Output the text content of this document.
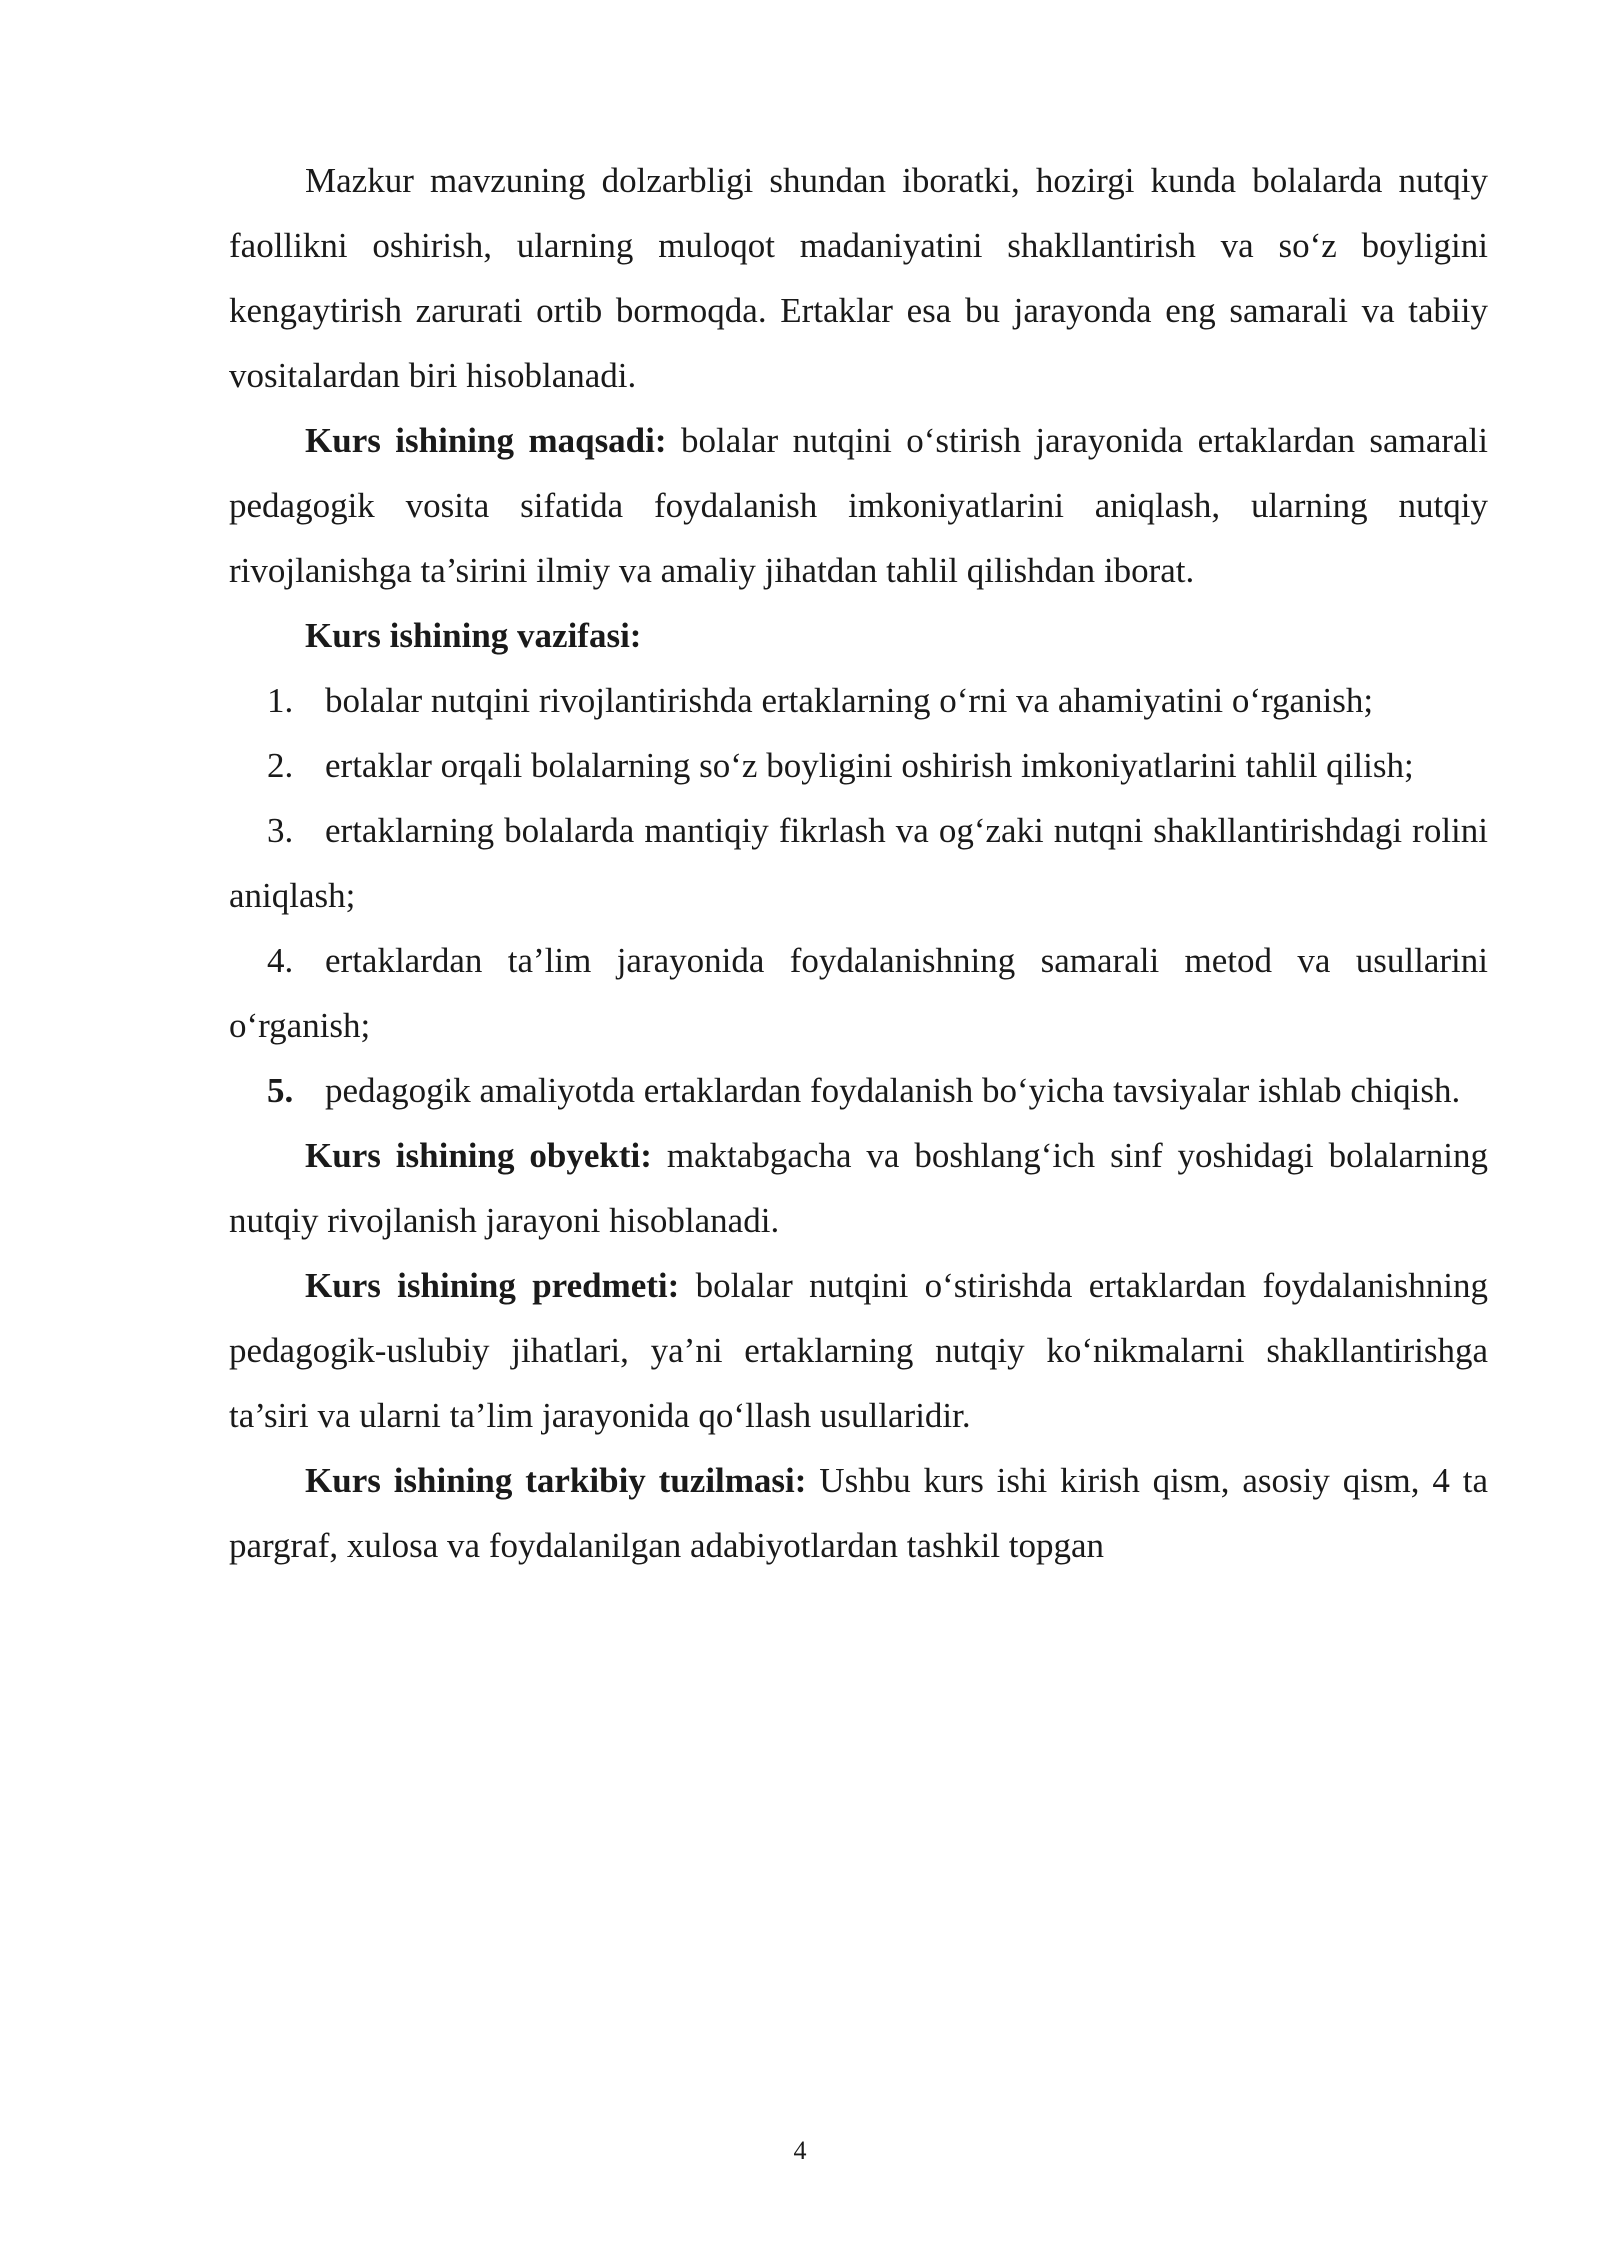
Mazkur mavzuning dolzarbligi shundan iboratki, hozirgi kunda bolalarda nutqiy faollikni oshirish, ularning muloqot madaniyatini shakllantirish va so‘z boyligini kengaytirish zarurati ortib bormoqda. Ertaklar esa bu jarayonda eng samarali va tabiiy vositalardan biri hisoblanadi.

Kurs ishining maqsadi: bolalar nutqini o‘stirish jarayonida ertaklardan samarali pedagogik vosita sifatida foydalanish imkoniyatlarini aniqlash, ularning nutqiy rivojlanishga ta’sirini ilmiy va amaliy jihatdan tahlil qilishdan iborat.

Kurs ishining vazifasi:

1. bolalar nutqini rivojlantirishda ertaklarning o‘rni va ahamiyatini o‘rganish;

2. ertaklar orqali bolalarning so‘z boyligini oshirish imkoniyatlarini tahlil qilish;

3. ertaklarning bolalarda mantiqiy fikrlash va og‘zaki nutqni shakllantirishdagi rolini aniqlash;

4. ertaklardan ta’lim jarayonida foydalanishning samarali metod va usullarini o‘rganish;

5. pedagogik amaliyotda ertaklardan foydalanish bo‘yicha tavsiyalar ishlab chiqish.

Kurs ishining obyekti: maktabgacha va boshlang‘ich sinf yoshidagi bolalarning nutqiy rivojlanish jarayoni hisoblanadi.

Kurs ishining predmeti: bolalar nutqini o‘stirishda ertaklardan foydalanishning pedagogik-uslubiy jihatlari, ya’ni ertaklarning nutqiy ko‘nikmalarni shakllantirishga ta’siri va ularni ta’lim jarayonida qo‘llash usullaridir.

Kurs ishining tarkibiy tuzilmasi: Ushbu kurs ishi kirish qism, asosiy qism, 4 ta pargraf, xulosa va foydalanilgan adabiyotlardan tashkil topgan

4
